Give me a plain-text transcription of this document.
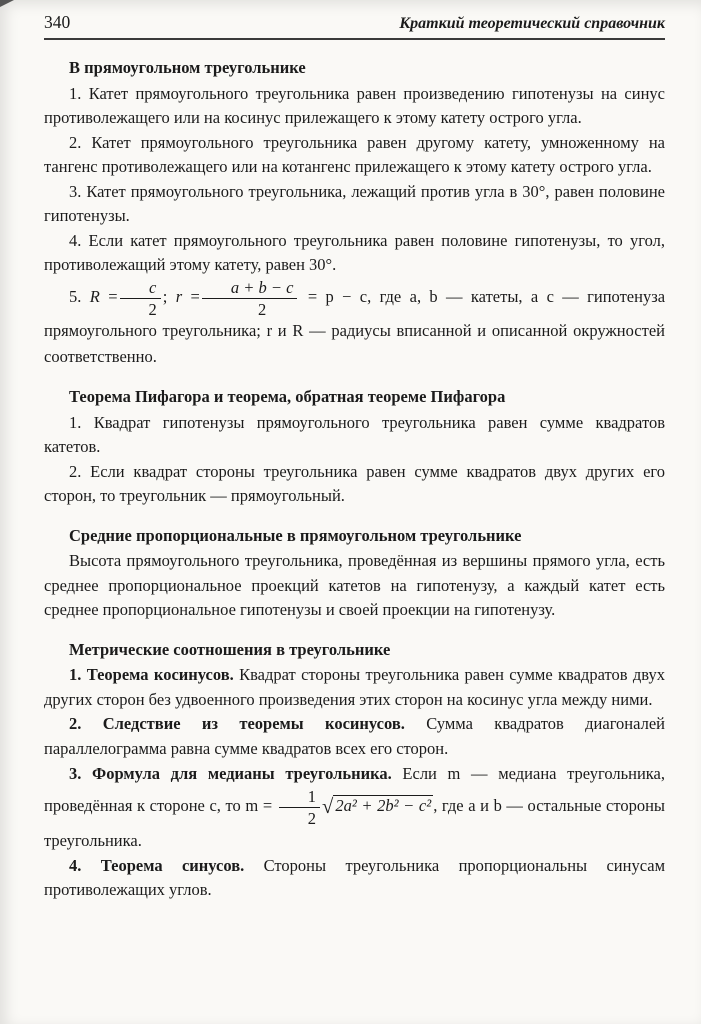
340	Краткий теоретический справочник
В прямоугольном треугольнике

1. Катет прямоугольного треугольника равен произведению гипотенузы на синус противолежащего или на косинус прилежащего к этому катету острого угла.

2. Катет прямоугольного треугольника равен другому катету, умноженному на тангенс противолежащего или на котангенс прилежащего к этому катету острого угла.

3. Катет прямоугольного треугольника, лежащий против угла в 30°, равен половине гипотенузы.

4. Если катет прямоугольного треугольника равен половине гипотенузы, то угол, противолежащий этому катету, равен 30°.

5. $R = \frac{c}{2}$ ; $r = \frac{a + b - c}{2} = p - c$, где a, b — катеты, а c — гипотенуза прямоугольного треугольника; r и R — радиусы вписанной и описанной окружностей соответственно.

Теорема Пифагора и теорема, обратная теореме Пифагора

1. Квадрат гипотенузы прямоугольного треугольника равен сумме квадратов катетов.

2. Если квадрат стороны треугольника равен сумме квадратов двух других его сторон, то треугольник — прямоугольный.

Средние пропорциональные в прямоугольном треугольнике

Высота прямоугольного треугольника, проведённая из вершины прямого угла, есть среднее пропорциональное проекций катетов на гипотенузу, а каждый катет есть среднее пропорциональное гипотенузы и своей проекции на гипотенузу.

Метрические соотношения в треугольнике

1. Теорема косинусов. Квадрат стороны треугольника равен сумме квадратов двух других сторон без удвоенного произведения этих сторон на косинус угла между ними.

2. Следствие из теоремы косинусов. Сумма квадратов диагоналей параллелограмма равна сумме квадратов всех его сторон.

3. Формула для медианы треугольника. Если m — медиана треугольника, проведённая к стороне c, то $m = \frac{1}{2}$ √ 2a² + 2b² − c² , где a и b — остальные стороны треугольника.

4. Теорема синусов. Стороны треугольника пропорциональны синусам противолежащих углов.
